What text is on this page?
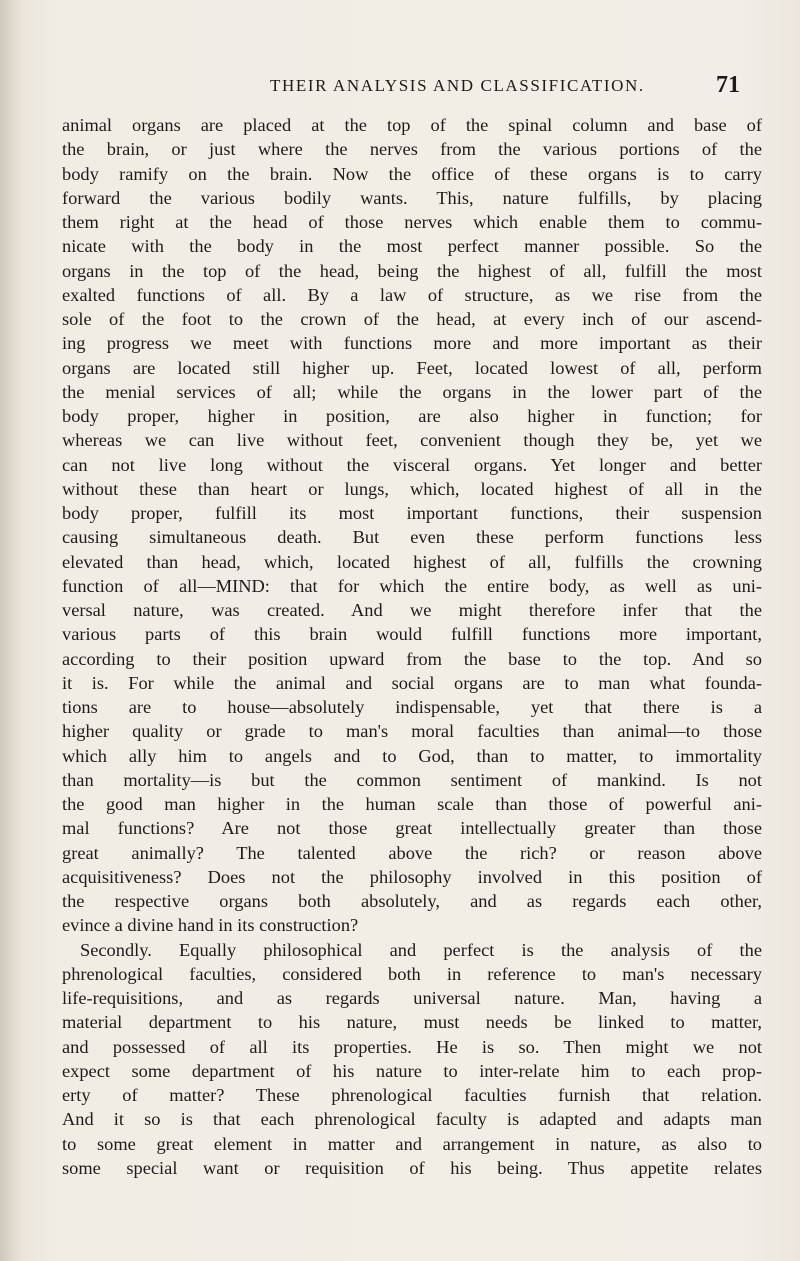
THEIR ANALYSIS AND CLASSIFICATION.	71
animal organs are placed at the top of the spinal column and base of
the brain, or just where the nerves from the various portions of the
body ramify on the brain. Now the office of these organs is to carry
forward the various bodily wants. This, nature fulfills, by placing
them right at the head of those nerves which enable them to commu-
nicate with the body in the most perfect manner possible. So the
organs in the top of the head, being the highest of all, fulfill the most
exalted functions of all. By a law of structure, as we rise from the
sole of the foot to the crown of the head, at every inch of our ascend-
ing progress we meet with functions more and more important as their
organs are located still higher up. Feet, located lowest of all, perform
the menial services of all; while the organs in the lower part of the
body proper, higher in position, are also higher in function; for
whereas we can live without feet, convenient though they be, yet we
can not live long without the visceral organs. Yet longer and better
without these than heart or lungs, which, located highest of all in the
body proper, fulfill its most important functions, their suspension
causing simultaneous death. But even these perform functions less
elevated than head, which, located highest of all, fulfills the crowning
function of all—MIND: that for which the entire body, as well as uni-
versal nature, was created. And we might therefore infer that the
various parts of this brain would fulfill functions more important,
according to their position upward from the base to the top. And so
it is. For while the animal and social organs are to man what founda-
tions are to house—absolutely indispensable, yet that there is a
higher quality or grade to man's moral faculties than animal—to those
which ally him to angels and to God, than to matter, to immortality
than mortality—is but the common sentiment of mankind. Is not
the good man higher in the human scale than those of powerful ani-
mal functions? Are not those great intellectually greater than those
great animally? The talented above the rich? or reason above
acquisitiveness? Does not the philosophy involved in this position of
the respective organs both absolutely, and as regards each other,
evince a divine hand in its construction?
Secondly. Equally philosophical and perfect is the analysis of the
phrenological faculties, considered both in reference to man's necessary
life-requisitions, and as regards universal nature. Man, having a
material department to his nature, must needs be linked to matter,
and possessed of all its properties. He is so. Then might we not
expect some department of his nature to inter-relate him to each prop-
erty of matter? These phrenological faculties furnish that relation.
And it so is that each phrenological faculty is adapted and adapts man
to some great element in matter and arrangement in nature, as also to
some special want or requisition of his being. Thus appetite relates
